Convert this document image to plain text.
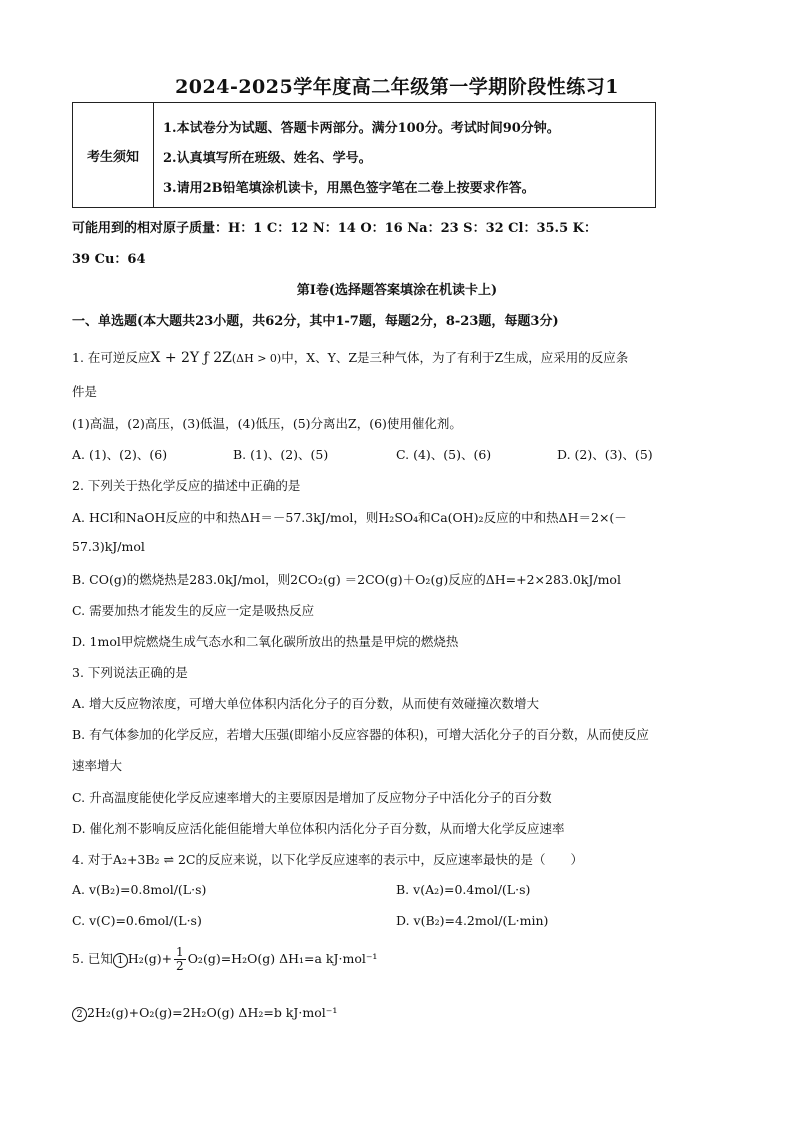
2024-2025学年度高二年级第一学期阶段性练习1
考生须知
1.本试卷分为试题、答题卡两部分。满分100分。考试时间90分钟。
2.认真填写所在班级、姓名、学号。
3.请用2B铅笔填涂机读卡，用黑色签字笔在二卷上按要求作答。
可能用到的相对原子质量：H：1 C：12 N：14 O：16 Na：23 S：32 Cl：35.5 K：
39 Cu：64
第Ⅰ卷(选择题答案填涂在机读卡上)
一、单选题(本大题共23小题，共62分，其中1-7题，每题2分，8-23题，每题3分)
1. 在可逆反应X + 2Y ƒ 2Z(ΔH > 0)中，X、Y、Z是三种气体，为了有利于Z生成，应采用的反应条
件是
(1)高温，(2)高压，(3)低温，(4)低压，(5)分离出Z，(6)使用催化剂。
A. (1)、(2)、(6)	B. (1)、(2)、(5)	C. (4)、(5)、(6)	D. (2)、(3)、(5)
2. 下列关于热化学反应的描述中正确的是
A. HCl和NaOH反应的中和热ΔH＝－57.3kJ/mol，则H₂SO₄和Ca(OH)₂反应的中和热ΔH＝2×(－
57.3)kJ/mol
B. CO(g)的燃烧热是283.0kJ/mol，则2CO₂(g) ＝2CO(g)＋O₂(g)反应的ΔH=+2×283.0kJ/mol
C. 需要加热才能发生的反应一定是吸热反应
D. 1mol甲烷燃烧生成气态水和二氧化碳所放出的热量是甲烷的燃烧热
3. 下列说法正确的是
A. 增大反应物浓度，可增大单位体积内活化分子的百分数，从而使有效碰撞次数增大
B. 有气体参加的化学反应，若增大压强(即缩小反应容器的体积)，可增大活化分子的百分数，从而使反应
速率增大
C. 升高温度能使化学反应速率增大的主要原因是增加了反应物分子中活化分子的百分数
D. 催化剂不影响反应活化能但能增大单位体积内活化分子百分数，从而增大化学反应速率
4. 对于A₂+3B₂ ⇌ 2C的反应来说，以下化学反应速率的表示中，反应速率最快的是（　　）
A. v(B₂)=0.8mol/(L·s)	B. v(A₂)=0.4mol/(L·s)
C. v(C)=0.6mol/(L·s)	D. v(B₂)=4.2mol/(L·min)
5. 已知 1 $H_2(g)+ \frac{1}{2} O_2(g)=H_2O(g)$ ΔH₁=a kJ·mol⁻¹
2 2H₂(g)+O₂(g)=2H₂O(g) ΔH₂=b kJ·mol⁻¹
